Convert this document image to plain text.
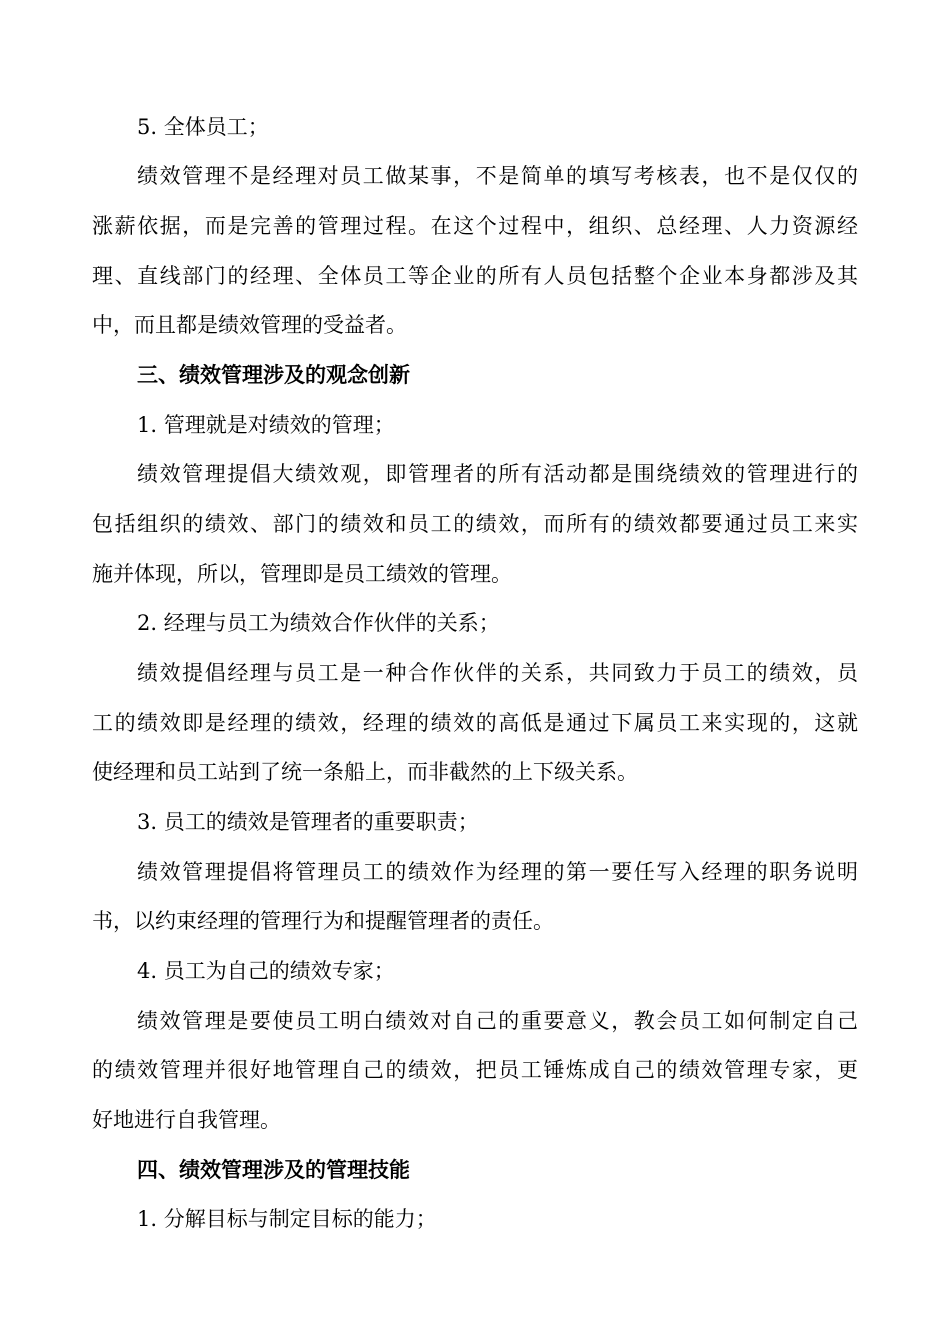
5. 全体员工；
绩效管理不是经理对员工做某事，不是简单的填写考核表，也不是仅仅的
涨薪依据，而是完善的管理过程。在这个过程中，组织、总经理、人力资源经
理、直线部门的经理、全体员工等企业的所有人员包括整个企业本身都涉及其
中，而且都是绩效管理的受益者。
三、绩效管理涉及的观念创新
1. 管理就是对绩效的管理；
绩效管理提倡大绩效观，即管理者的所有活动都是围绕绩效的管理进行的
包括组织的绩效、部门的绩效和员工的绩效，而所有的绩效都要通过员工来实
施并体现，所以，管理即是员工绩效的管理。
2. 经理与员工为绩效合作伙伴的关系；
绩效提倡经理与员工是一种合作伙伴的关系，共同致力于员工的绩效，员
工的绩效即是经理的绩效，经理的绩效的高低是通过下属员工来实现的，这就
使经理和员工站到了统一条船上，而非截然的上下级关系。
3. 员工的绩效是管理者的重要职责；
绩效管理提倡将管理员工的绩效作为经理的第一要任写入经理的职务说明
书，以约束经理的管理行为和提醒管理者的责任。
4. 员工为自己的绩效专家；
绩效管理是要使员工明白绩效对自己的重要意义，教会员工如何制定自己
的绩效管理并很好地管理自己的绩效，把员工锤炼成自己的绩效管理专家，更
好地进行自我管理。
四、绩效管理涉及的管理技能
1. 分解目标与制定目标的能力；
